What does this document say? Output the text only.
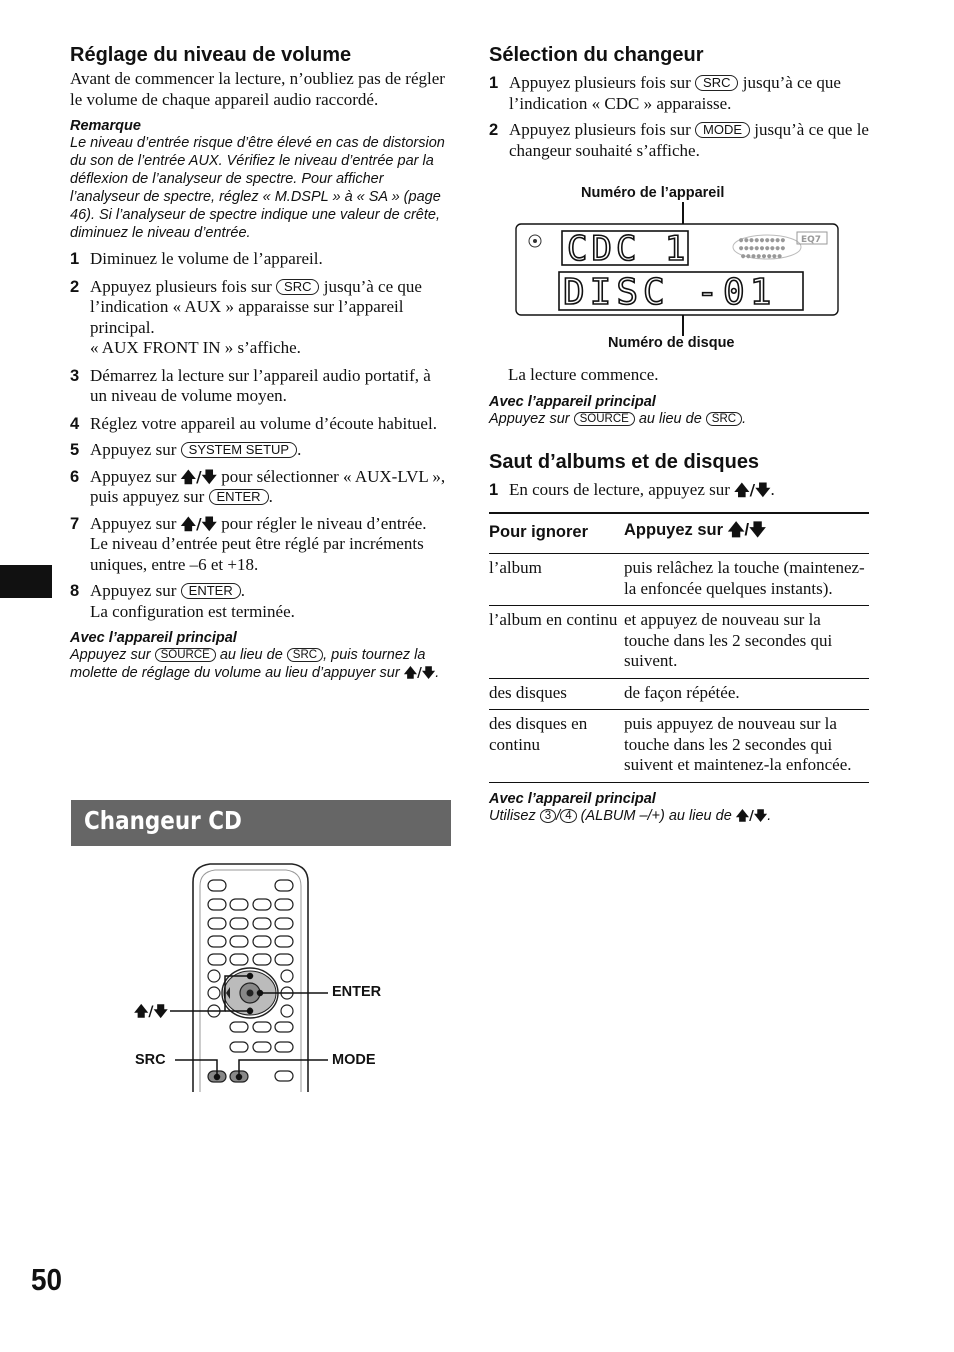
Réglage du niveau de volume

Avant de commencer la lecture, n’oubliez pas de régler le volume de chaque appareil audio raccordé.

Remarque

Le niveau d’entrée risque d’être élevé en cas de distorsion du son de l’entrée AUX. Vérifiez le niveau d’entrée par la déflexion de l’analyseur de spectre. Pour afficher l’analyseur de spectre, réglez « M.DSPL » à « SA » (page 46). Si l’analyseur de spectre indique une valeur de crête, diminuez le niveau d’entrée.

1 Diminuez le volume de l’appareil.
2 Appuyez plusieurs fois sur SRC jusqu’à ce que l’indication « AUX » apparaisse sur l’appareil principal.
« AUX FRONT IN » s’affiche.
3 Démarrez la lecture sur l’appareil audio portatif, à un niveau de volume moyen.
4 Réglez votre appareil au volume d’écoute habituel.
5 Appuyez sur SYSTEM SETUP .
6 Appuyez sur 🡅/🡇 pour sélectionner « AUX-LVL », puis appuyez sur ENTER .
7 Appuyez sur 🡅/🡇 pour régler le niveau d’entrée.
Le niveau d’entrée peut être réglé par incréments uniques, entre –6 et +18.
8 Appuyez sur ENTER .
La configuration est terminée.

Avec l’appareil principal

Appuyez sur SOURCE au lieu de SRC , puis tournez la molette de réglage du volume au lieu d’appuyer sur 🡅/🡇.

Changeur CD
🡅/🡇
ENTER
SRC	MODE
Sélection du changeur
1 Appuyez plusieurs fois sur SRC jusqu’à ce que l’indication « CDC » apparaisse.
2 Appuyez plusieurs fois sur MODE jusqu’à ce que le changeur souhaité s’affiche.
Numéro de l’appareil
●●●●●●●●●
●●●●●●●●●
●●●●●●●●
EQ7
CDC 1
DISC -01
Numéro de disque

La lecture commence.

Avec l’appareil principal

Appuyez sur SOURCE au lieu de SRC .

Saut d’albums et de disques
1 En cours de lecture, appuyez sur 🡅/🡇.
Pour ignorer	Appuyez sur 🡅/🡇
l’album	puis relâchez la touche (maintenez-la enfoncée quelques instants).
l’album en continu	et appuyez de nouveau sur la touche dans les 2 secondes qui suivent.
des disques	de façon répétée.
des disques en continu	puis appuyez de nouveau sur la touche dans les 2 secondes qui suivent et maintenez-la enfoncée.

Avec l’appareil principal

Utilisez 3 / 4 (ALBUM –/+) au lieu de 🡅/🡇.

50
